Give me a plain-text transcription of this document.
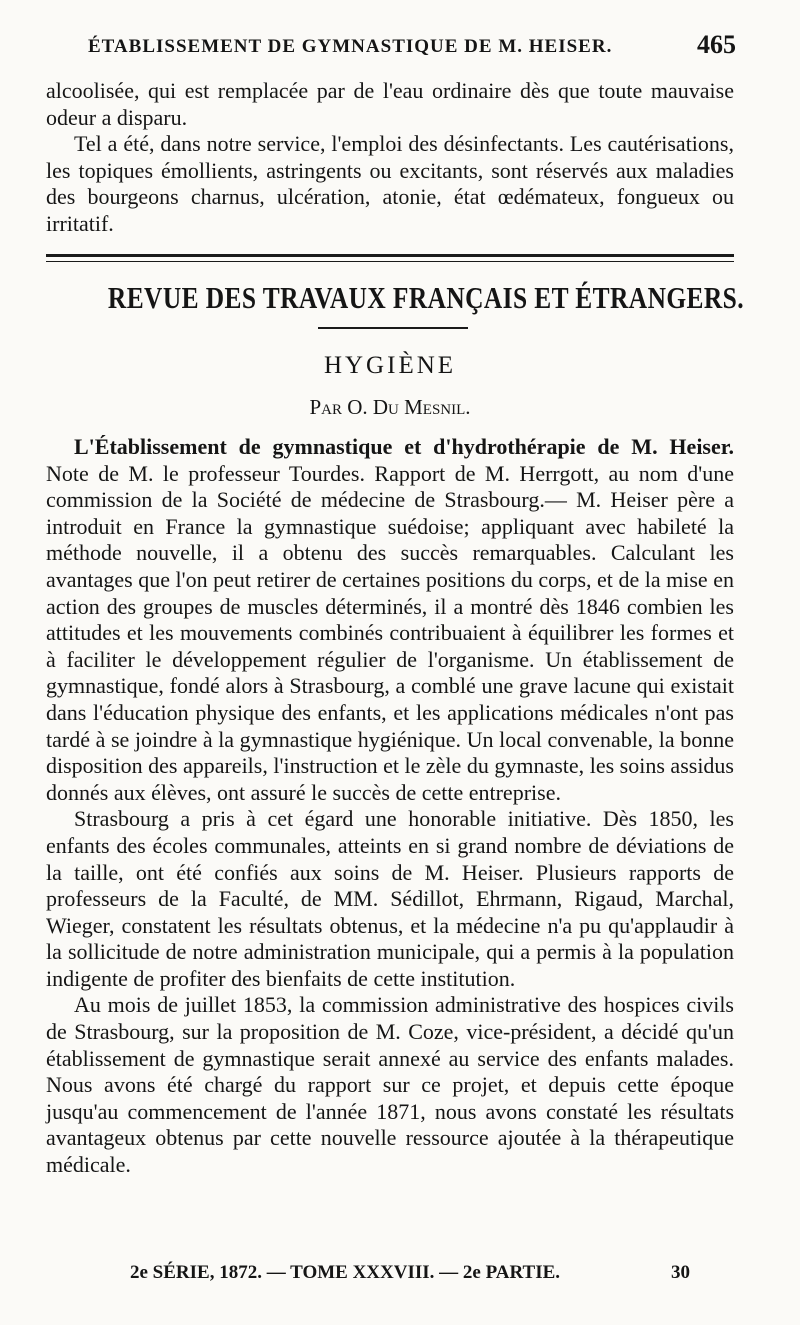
ÉTABLISSEMENT DE GYMNASTIQUE DE M. HEISER.	465

alcoolisée, qui est remplacée par de l'eau ordinaire dès que toute mauvaise odeur a disparu.

Tel a été, dans notre service, l'emploi des désinfectants. Les cautérisations, les topiques émollients, astringents ou excitants, sont réservés aux maladies des bourgeons charnus, ulcération, atonie, état œdémateux, fongueux ou irritatif.

REVUE DES TRAVAUX FRANÇAIS ET ÉTRANGERS.
HYGIÈNE
Par O. Du Mesnil.

L'Établissement de gymnastique et d'hydrothérapie de M. Heiser. Note de M. le professeur Tourdes. Rapport de M. Herrgott, au nom d'une commission de la Société de médecine de Strasbourg.— M. Heiser père a introduit en France la gymnastique suédoise; appliquant avec habileté la méthode nouvelle, il a obtenu des succès remarquables. Calculant les avantages que l'on peut retirer de certaines positions du corps, et de la mise en action des groupes de muscles déterminés, il a montré dès 1846 combien les attitudes et les mouvements combinés contribuaient à équilibrer les formes et à faciliter le développement régulier de l'organisme. Un établissement de gymnastique, fondé alors à Strasbourg, a comblé une grave lacune qui existait dans l'éducation physique des enfants, et les applications médicales n'ont pas tardé à se joindre à la gymnastique hygiénique. Un local convenable, la bonne disposition des appareils, l'instruction et le zèle du gymnaste, les soins assidus donnés aux élèves, ont assuré le succès de cette entreprise.

Strasbourg a pris à cet égard une honorable initiative. Dès 1850, les enfants des écoles communales, atteints en si grand nombre de déviations de la taille, ont été confiés aux soins de M. Heiser. Plusieurs rapports de professeurs de la Faculté, de MM. Sédillot, Ehrmann, Rigaud, Marchal, Wieger, constatent les résultats obtenus, et la médecine n'a pu qu'applaudir à la sollicitude de notre administration municipale, qui a permis à la population indigente de profiter des bienfaits de cette institution.

Au mois de juillet 1853, la commission administrative des hospices civils de Strasbourg, sur la proposition de M. Coze, vice-président, a décidé qu'un établissement de gymnastique serait annexé au service des enfants malades. Nous avons été chargé du rapport sur ce projet, et depuis cette époque jusqu'au commencement de l'année 1871, nous avons constaté les résultats avantageux obtenus par cette nouvelle ressource ajoutée à la thérapeutique médicale.

2e SÉRIE, 1872. — TOME XXXVIII. — 2e PARTIE.	30
